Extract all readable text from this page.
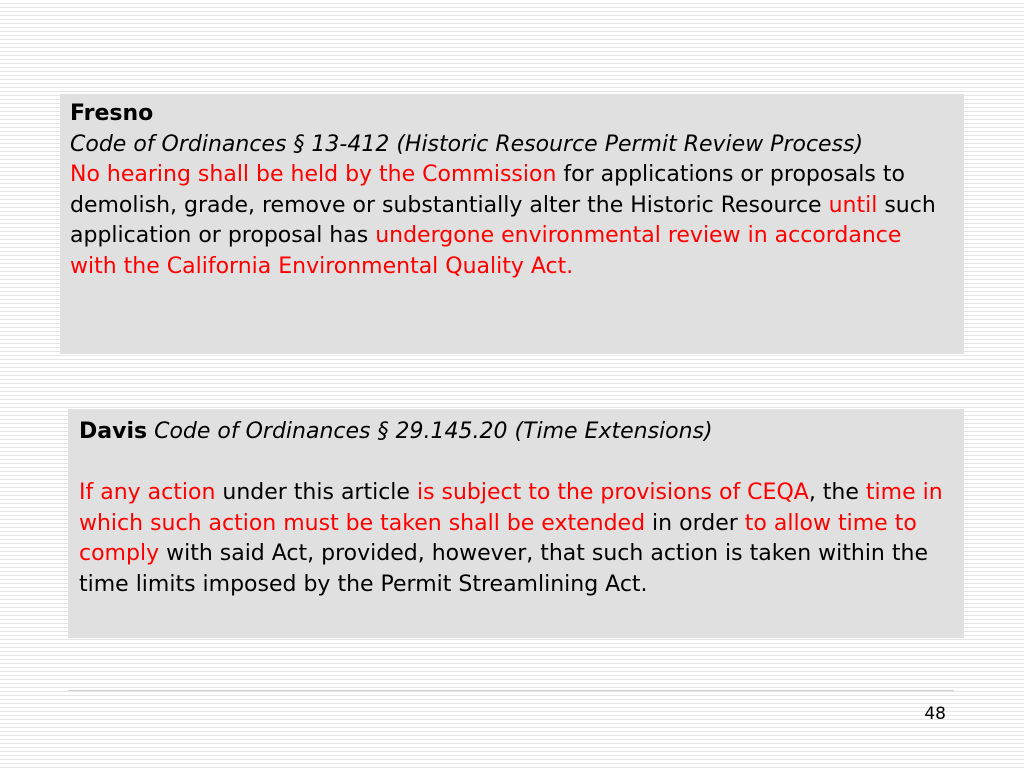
Fresno
Code of Ordinances § 13-412 (Historic Resource Permit Review Process)
No hearing shall be held by the Commission for applications or proposals to demolish, grade, remove or substantially alter the Historic Resource until such application or proposal has undergone environmental review in accordance with the California Environmental Quality Act.
Davis Code of Ordinances § 29.145.20 (Time Extensions)
If any action under this article is subject to the provisions of CEQA, the time in which such action must be taken shall be extended in order to allow time to comply with said Act, provided, however, that such action is taken within the time limits imposed by the Permit Streamlining Act.
48
